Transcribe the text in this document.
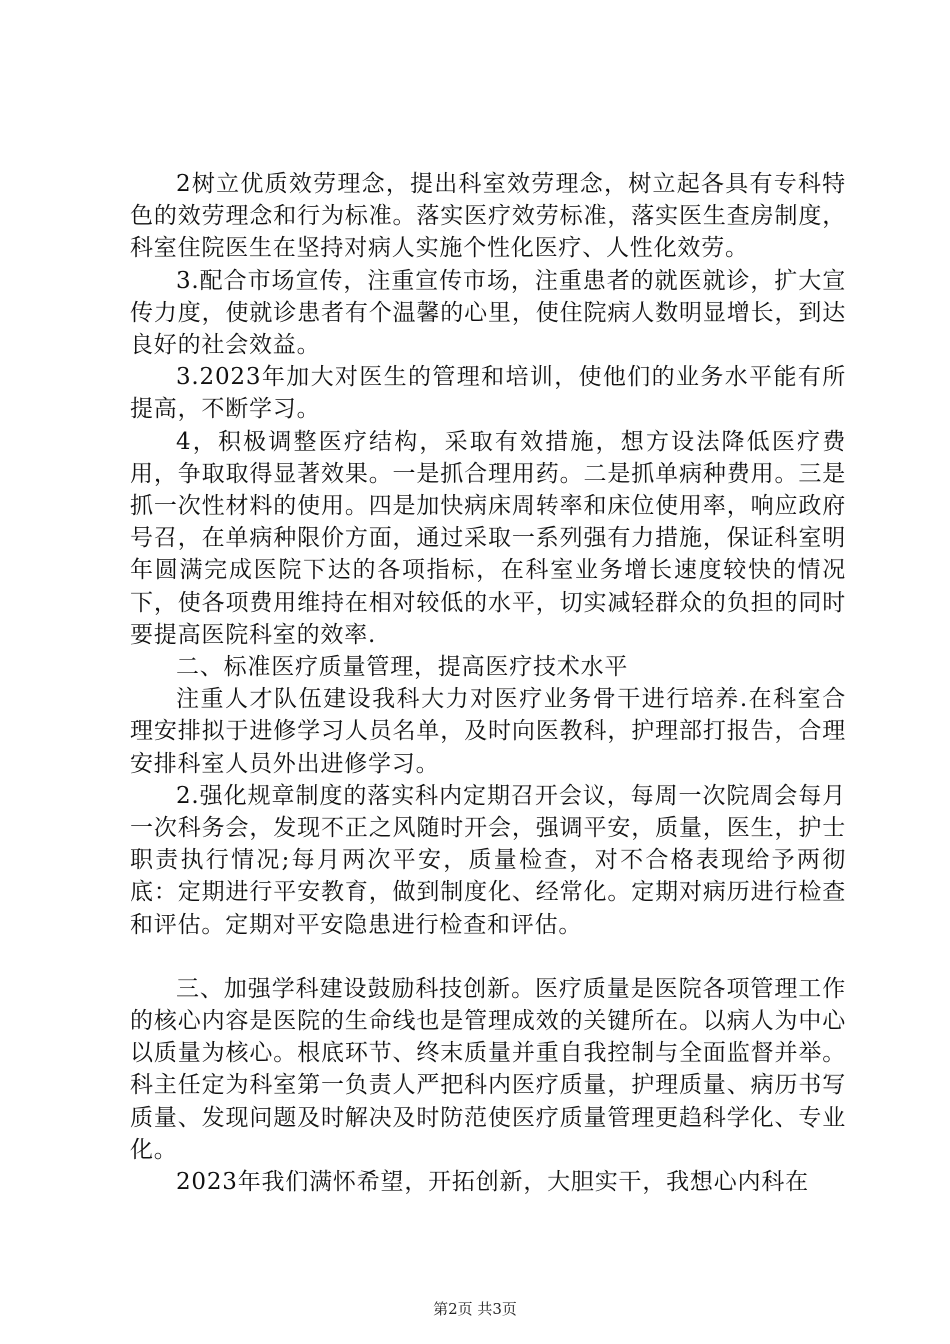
2树立优质效劳理念，提出科室效劳理念，树立起各具有专科特色的效劳理念和行为标准。落实医疗效劳标准，落实医生查房制度，科室住院医生在坚持对病人实施个性化医疗、人性化效劳。

3.配合市场宣传，注重宣传市场，注重患者的就医就诊，扩大宣传力度，使就诊患者有个温馨的心里，使住院病人数明显增长，到达良好的社会效益。

3.2023年加大对医生的管理和培训，使他们的业务水平能有所提高，不断学习。

4，积极调整医疗结构，采取有效措施，想方设法降低医疗费用，争取取得显著效果。一是抓合理用药。二是抓单病种费用。三是抓一次性材料的使用。四是加快病床周转率和床位使用率，响应政府号召，在单病种限价方面，通过采取一系列强有力措施，保证科室明年圆满完成医院下达的各项指标，在科室业务增长速度较快的情况下，使各项费用维持在相对较低的水平，切实减轻群众的负担的同时要提高医院科室的效率.

二、标准医疗质量管理，提高医疗技术水平

注重人才队伍建设我科大力对医疗业务骨干进行培养.在科室合理安排拟于进修学习人员名单，及时向医教科，护理部打报告，合理安排科室人员外出进修学习。

2.强化规章制度的落实科内定期召开会议，每周一次院周会每月一次科务会，发现不正之风随时开会，强调平安，质量，医生，护士职责执行情况;每月两次平安，质量检查，对不合格表现给予两彻底：定期进行平安教育，做到制度化、经常化。定期对病历进行检查和评估。定期对平安隐患进行检查和评估。

三、加强学科建设鼓励科技创新。医疗质量是医院各项管理工作的核心内容是医院的生命线也是管理成效的关键所在。以病人为中心以质量为核心。根底环节、终末质量并重自我控制与全面监督并举。科主任定为科室第一负责人严把科内医疗质量，护理质量、病历书写质量、发现问题及时解决及时防范使医疗质量管理更趋科学化、专业化。

2023年我们满怀希望，开拓创新，大胆实干，我想心内科在

第2页 共3页
